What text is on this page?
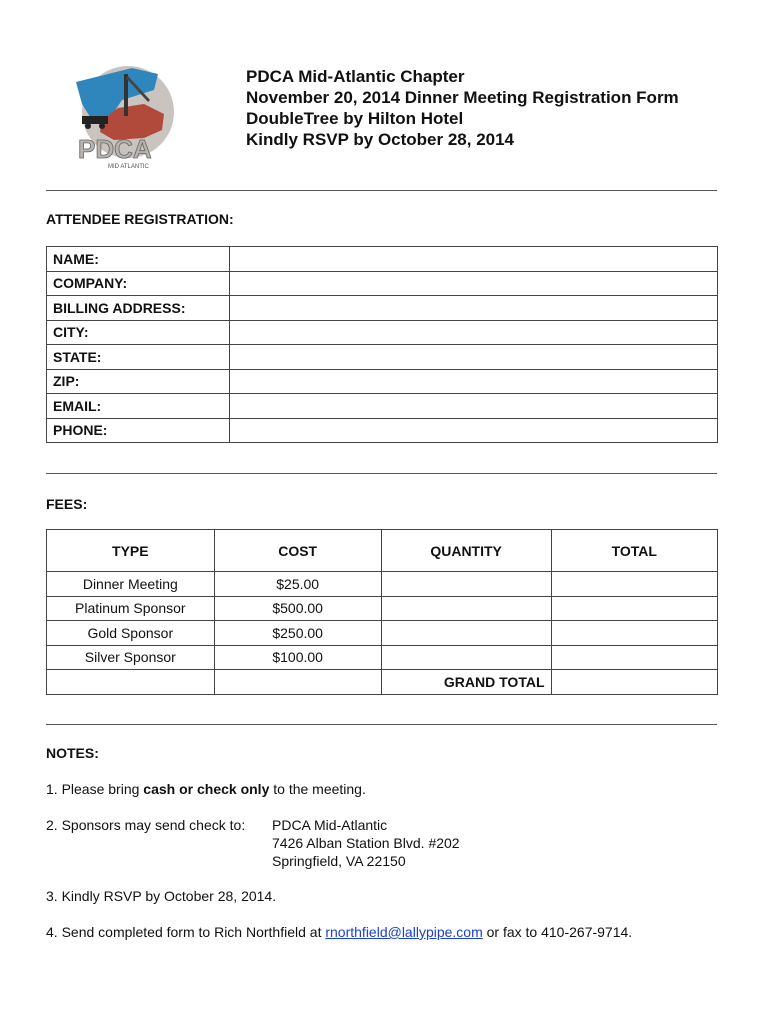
PDCA
MID ATLANTIC
PDCA Mid-Atlantic Chapter
November 20, 2014 Dinner Meeting Registration Form
DoubleTree by Hilton Hotel
Kindly RSVP by October 28, 2014
ATTENDEE REGISTRATION:
NAME:	
COMPANY:	
BILLING ADDRESS:	
CITY:	
STATE:	
ZIP:	
EMAIL:	
PHONE:	
FEES:
TYPE	COST	QUANTITY	TOTAL
Dinner Meeting	$25.00		
Platinum Sponsor	$500.00		
Gold Sponsor	$250.00		
Silver Sponsor	$100.00		
		GRAND TOTAL	
NOTES:
1. Please bring cash or check only to the meeting.
2. Sponsors may send check to: PDCA Mid-Atlantic
7426 Alban Station Blvd. #202
Springfield, VA 22150
3. Kindly RSVP by October 28, 2014.
4. Send completed form to Rich Northfield at rnorthfield@lallypipe.com or fax to 410-267-9714.
